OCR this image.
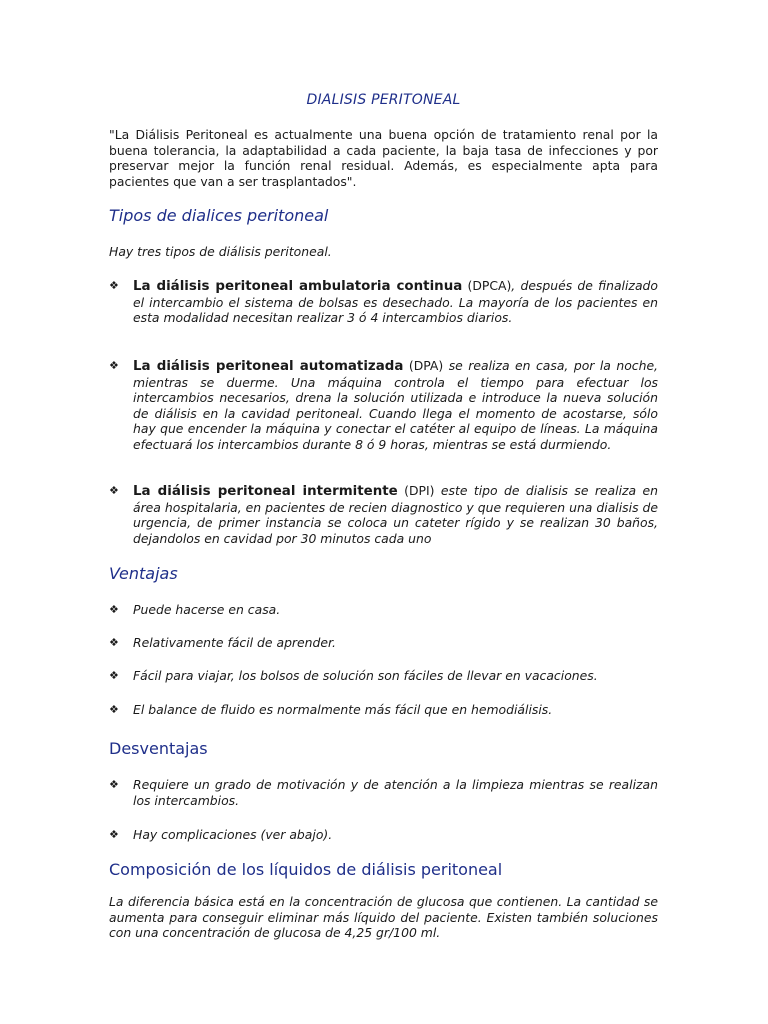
DIALISIS PERITONEAL
"La Diálisis Peritoneal es actualmente una buena opción de tratamiento renal por la buena tolerancia, la adaptabilidad a cada paciente, la baja tasa de infecciones y por preservar mejor la función renal residual. Además, es especialmente apta para pacientes que van a ser trasplantados".
Tipos de dialices peritoneal
Hay tres tipos de diálisis peritoneal.
❖ La diálisis peritoneal ambulatoria continua (DPCA), después de finalizado el intercambio el sistema de bolsas es desechado. La mayoría de los pacientes en esta modalidad necesitan realizar 3 ó 4 intercambios diarios.
❖ La diálisis peritoneal automatizada (DPA) se realiza en casa, por la noche, mientras se duerme. Una máquina controla el tiempo para efectuar los intercambios necesarios, drena la solución utilizada e introduce la nueva solución de diálisis en la cavidad peritoneal. Cuando llega el momento de acostarse, sólo hay que encender la máquina y conectar el catéter al equipo de líneas. La máquina efectuará los intercambios durante 8 ó 9 horas, mientras se está durmiendo.
❖ La diálisis peritoneal intermitente (DPI) este tipo de dialisis se realiza en área hospitalaria, en pacientes de recien diagnostico y que requieren una dialisis de urgencia, de primer instancia se coloca un cateter rígido y se realizan 30 baños, dejandolos en cavidad por 30 minutos cada uno
Ventajas
❖ Puede hacerse en casa.
❖ Relativamente fácil de aprender.
❖ Fácil para viajar, los bolsos de solución son fáciles de llevar en vacaciones.
❖ El balance de fluido es normalmente más fácil que en hemodiálisis.
Desventajas
❖ Requiere un grado de motivación y de atención a la limpieza mientras se realizan los intercambios.
❖ Hay complicaciones (ver abajo).
Composición de los líquidos de diálisis peritoneal
La diferencia básica está en la concentración de glucosa que contienen. La cantidad se aumenta para conseguir eliminar más líquido del paciente. Existen también soluciones con una concentración de glucosa de 4,25 gr/100 ml.
